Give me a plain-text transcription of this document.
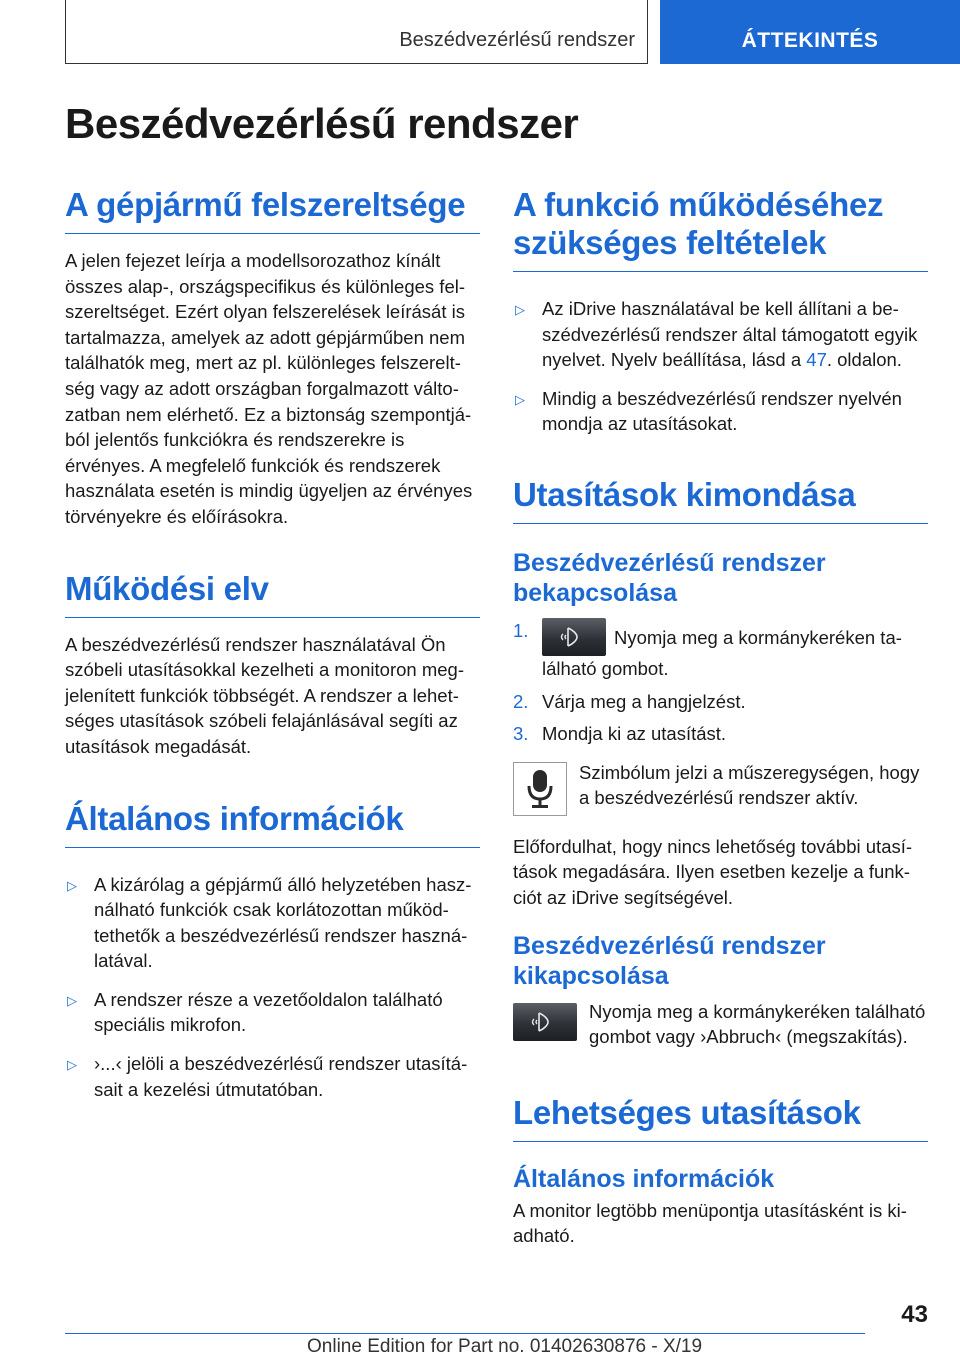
Beszédvezérlésű rendszer	ÁTTEKINTÉS
Beszédvezérlésű rendszer
A gépjármű felszereltsége

A jelen fejezet leírja a modellsorozathoz kínált összes alap-, országspecifikus és különleges felszereltséget. Ezért olyan felszerelések leírását is tartalmazza, amelyek az adott gépjárműben nem találhatók meg, mert az pl. különleges felszereltség vagy az adott országban forgalmazott változatban nem elérhető. Ez a biztonság szempontjából jelentős funkciókra és rendszerekre is érvényes. A megfelelő funkciók és rendszerek használata esetén is mindig ügyeljen az érvényes törvényekre és előírásokra.

Működési elv

A beszédvezérlésű rendszer használatával Ön szóbeli utasításokkal kezelheti a monitoron megjelenített funkciók többségét. A rendszer a lehetséges utasítások szóbeli felajánlásával segíti az utasítások megadását.

Általános információk
▷ A kizárólag a gépjármű álló helyzetében használható funkciók csak korlátozottan működtethetők a beszédvezérlésű rendszer használatával.
▷ A rendszer része a vezetőoldalon található speciális mikrofon.
▷ ›...‹ jelöli a beszédvezérlésű rendszer utasításait a kezelési útmutatóban.
A funkció működéséhez szükséges feltételek
▷ Az iDrive használatával be kell állítani a beszédvezérlésű rendszer által támogatott egyik nyelvet. Nyelv beállítása, lásd a 47. oldalon.
▷ Mindig a beszédvezérlésű rendszer nyelvén mondja az utasításokat.
Utasítások kimondása
Beszédvezérlésű rendszer bekapcsolása
1.	Nyomja meg a kormánykeréken található gombot.
2. Várja meg a hangjelzést.
3. Mondja ki az utasítást.

Szimbólum jelzi a műszeregységen, hogy a beszédvezérlésű rendszer aktív.

Előfordulhat, hogy nincs lehetőség további utasítások megadására. Ilyen esetben kezelje a funkciót az iDrive segítségével.

Beszédvezérlésű rendszer kikapcsolása

Nyomja meg a kormánykeréken található gombot vagy ›Abbruch‹ (megszakítás).

Lehetséges utasítások
Általános információk

A monitor legtöbb menüpontja utasításként is kiadható.

43
Online Edition for Part no. 01402630876 - X/19
